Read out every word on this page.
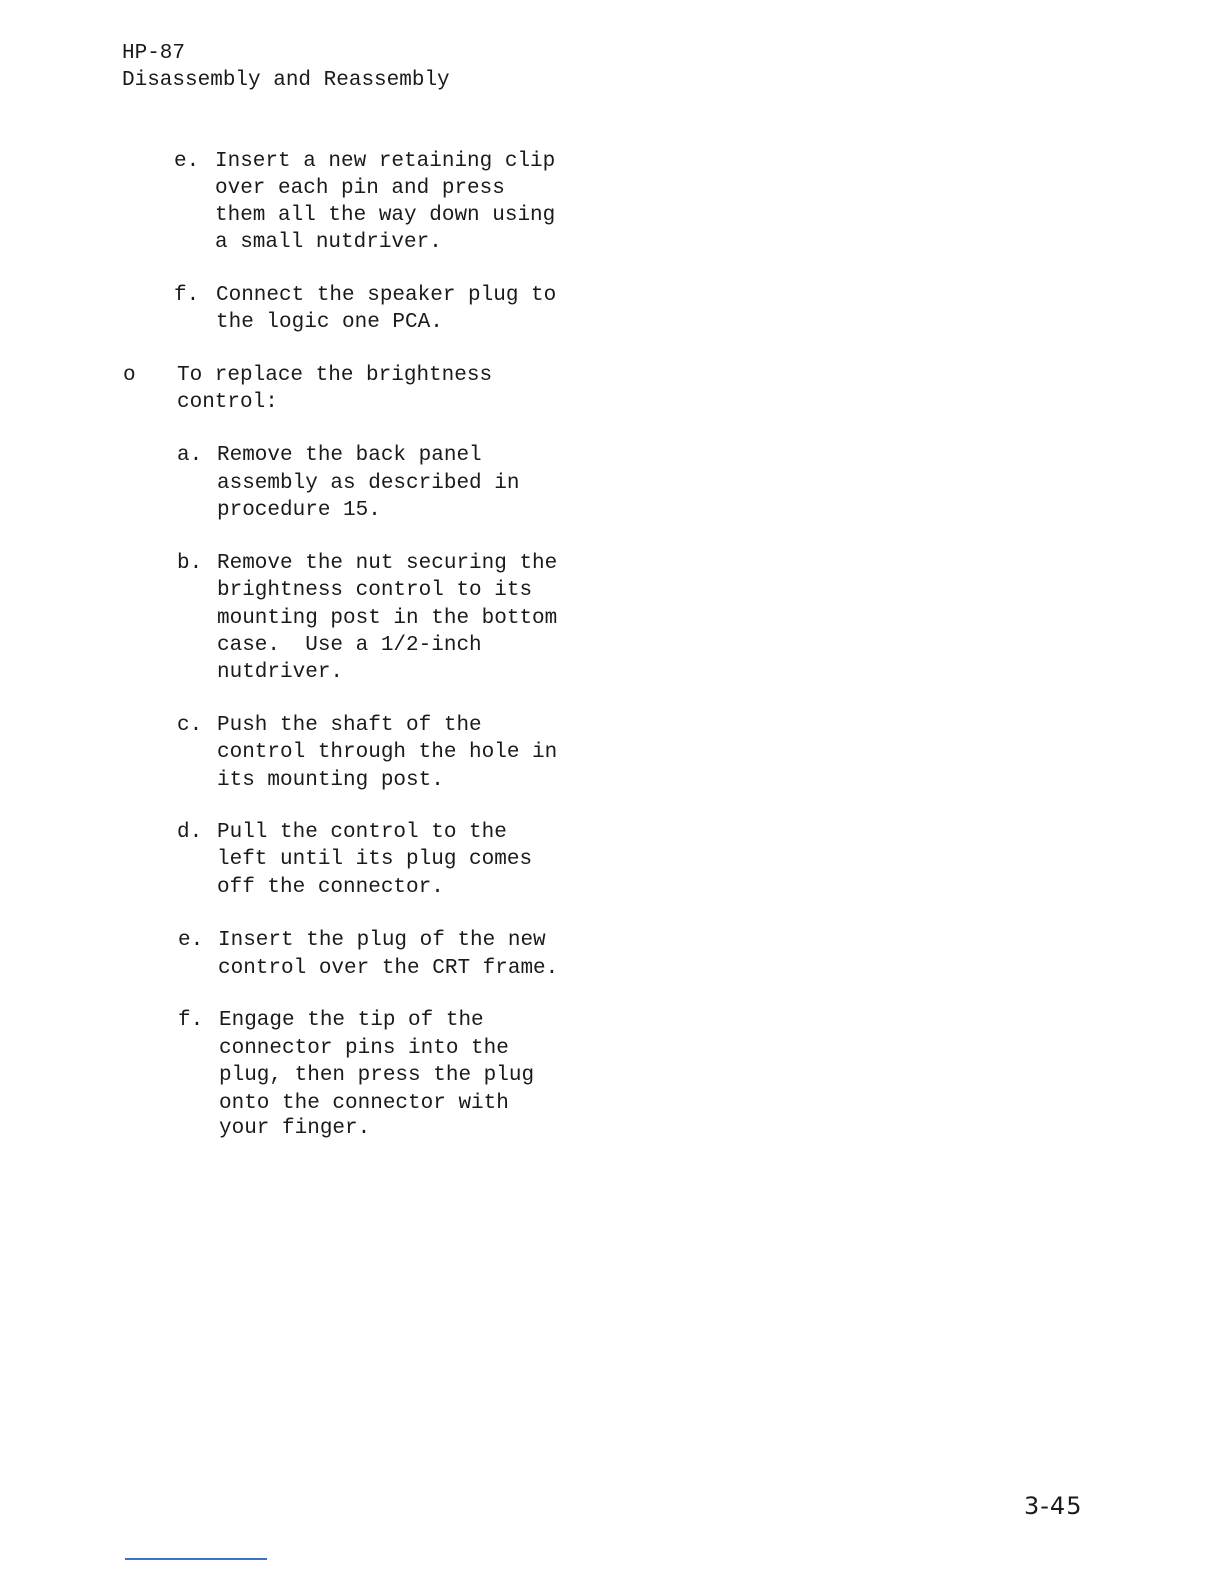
HP-87
Disassembly and Reassembly
e. Insert a new retaining clip
over each pin and press
them all the way down using
a small nutdriver.
f. Connect the speaker plug to
the logic one PCA.
o To replace the brightness
control:
a. Remove the back panel
assembly as described in
procedure 15.
b. Remove the nut securing the
brightness control to its
mounting post in the bottom
case.  Use a 1/2-inch
nutdriver.
c. Push the shaft of the
control through the hole in
its mounting post.
d. Pull the control to the
left until its plug comes
off the connector.
e. Insert the plug of the new
control over the CRT frame.
f. Engage the tip of the
connector pins into the
plug, then press the plug
onto the connector with
your finger.
3-45
